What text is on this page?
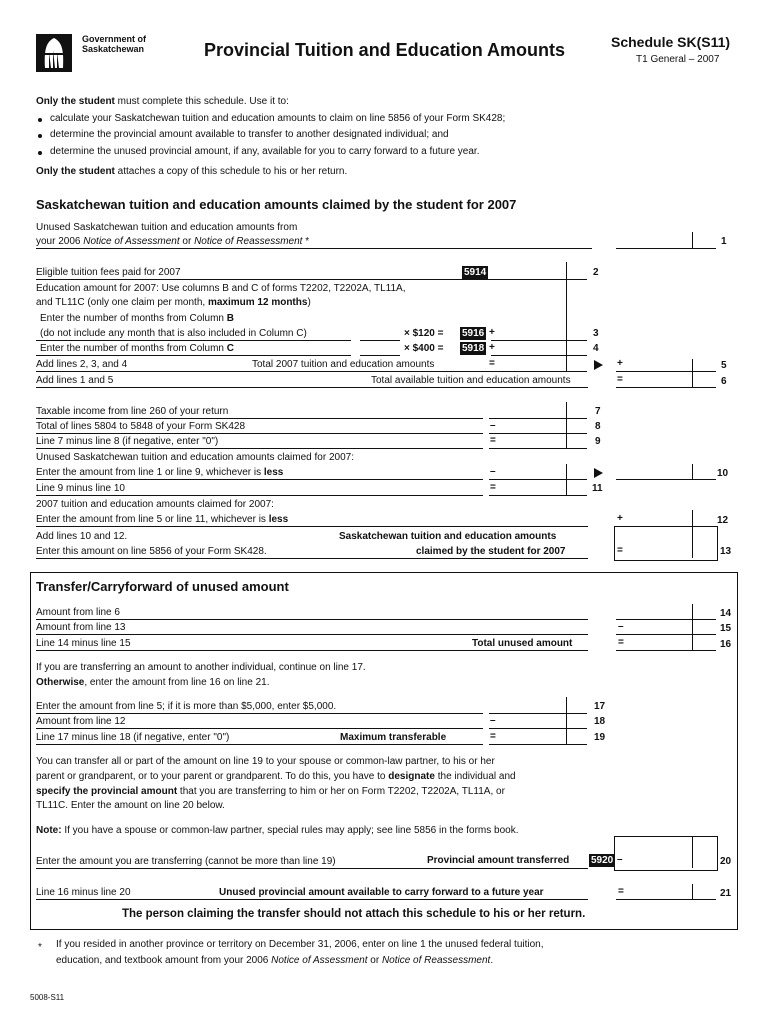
Government of
Saskatchewan	Provincial Tuition and Education Amounts	Schedule SK(S11)
T1 General – 2007
Only the student must complete this schedule. Use it to:
calculate your Saskatchewan tuition and education amounts to claim on line 5856 of your Form SK428;
determine the provincial amount available to transfer to another designated individual; and
determine the unused provincial amount, if any, available for you to carry forward to a future year.
Only the student attaches a copy of this schedule to his or her return.
Saskatchewan tuition and education amounts claimed by the student for 2007
Unused Saskatchewan tuition and education amounts from
your 2006 Notice of Assessment or Notice of Reassessment *	1
Eligible tuition fees paid for 2007	5914	2
Education amount for 2007: Use columns B and C of forms T2202, T2202A, TL11A,
and TL11C (only one claim per month, maximum 12 months)
Enter the number of months from Column B
(do not include any month that is also included in Column C)	× $120 = 5916 +	3
Enter the number of months from Column C	× $400 = 5918 +	4
Add lines 2, 3, and 4	Total 2007 tuition and education amounts	=	+	5
Add lines 1 and 5	Total available tuition and education amounts	=	6
Taxable income from line 260 of your return	7
Total of lines 5804 to 5848 of your Form SK428	–	8
Line 7 minus line 8 (if negative, enter "0")	=	9
Unused Saskatchewan tuition and education amounts claimed for 2007:
Enter the amount from line 1 or line 9, whichever is less	–	10
Line 9 minus line 10	=	11
2007 tuition and education amounts claimed for 2007:
Enter the amount from line 5 or line 11, whichever is less	+	12
Add lines 10 and 12.	Saskatchewan tuition and education amounts
Enter this amount on line 5856 of your Form SK428.	claimed by the student for 2007	=	13
Transfer/Carryforward of unused amount
Amount from line 6	14
Amount from line 13	–	15
Line 14 minus line 15	Total unused amount	=	16
If you are transferring an amount to another individual, continue on line 17.
Otherwise, enter the amount from line 16 on line 21.
Enter the amount from line 5; if it is more than $5,000, enter $5,000.	17
Amount from line 12	–	18
Line 17 minus line 18 (if negative, enter "0")	Maximum transferable	=	19
You can transfer all or part of the amount on line 19 to your spouse or common-law partner, to his or her
parent or grandparent, or to your parent or grandparent. To do this, you have to designate the individual and
specify the provincial amount that you are transferring to him or her on Form T2202, T2202A, TL11A, or
TL11C. Enter the amount on line 20 below.
Note: If you have a spouse or common-law partner, special rules may apply; see line 5856 in the forms book.
Enter the amount you are transferring (cannot be more than line 19)	Provincial amount transferred 5920 –	20
Line 16 minus line 20	Unused provincial amount available to carry forward to a future year	=	21
The person claiming the transfer should not attach this schedule to his or her return.
* If you resided in another province or territory on December 31, 2006, enter on line 1 the unused federal tuition,
education, and textbook amount from your 2006 Notice of Assessment or Notice of Reassessment.
5008-S11
